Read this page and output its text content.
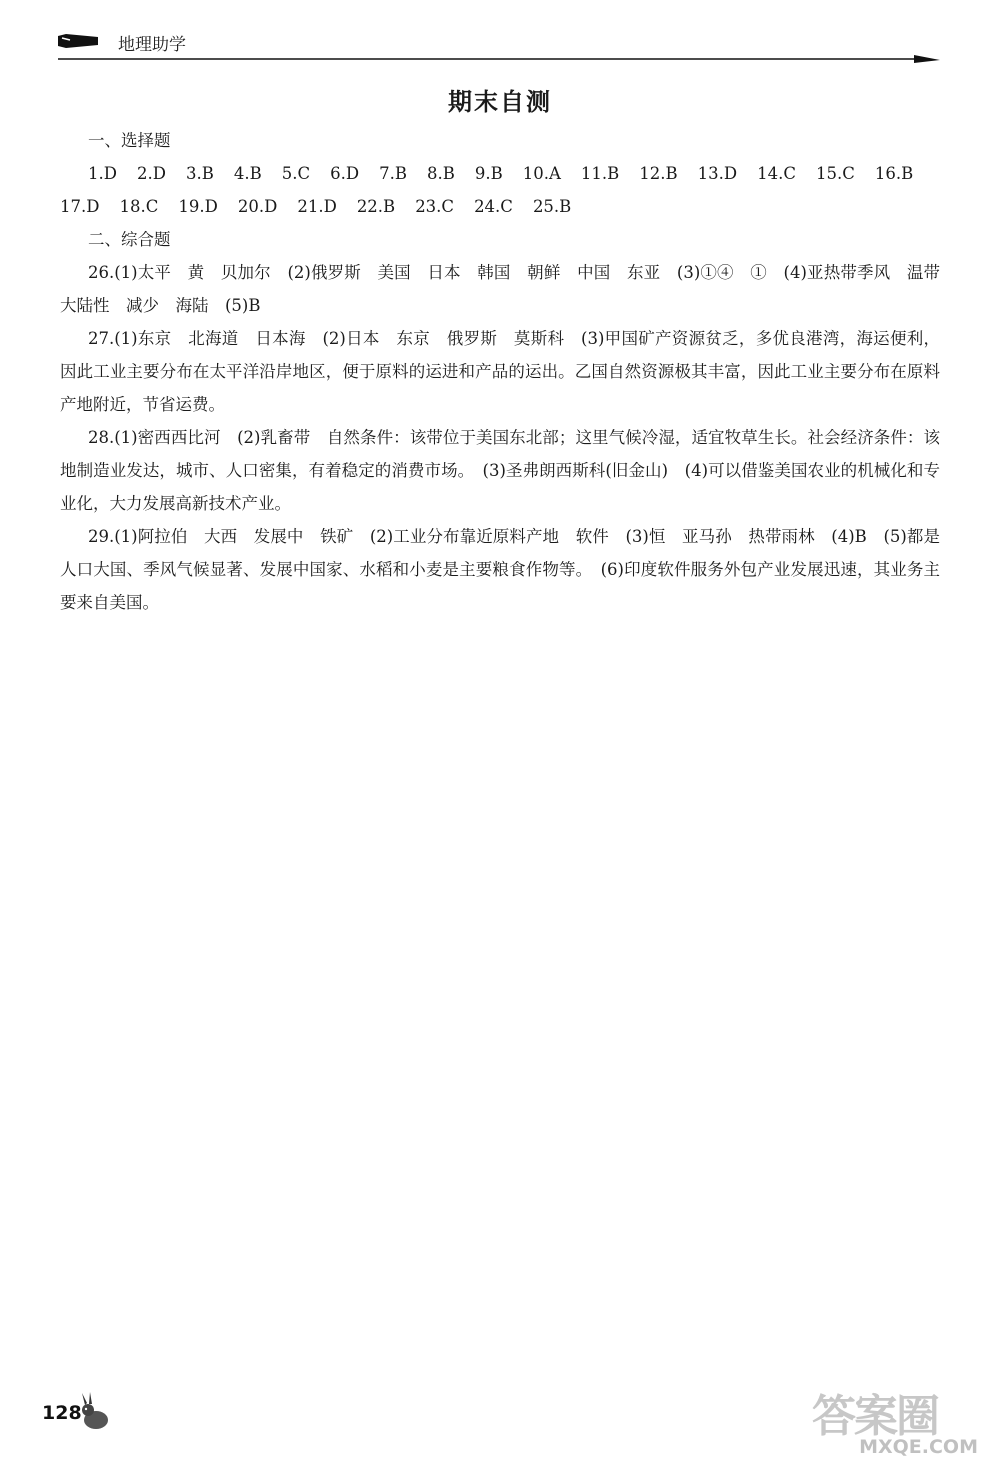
地理助学
期末自测
一、选择题
1.D 2.D 3.B 4.B 5.C 6.D 7.B 8.B 9.B 10.A 11.B 12.B 13.D 14.C 15.C 16.B
17.D 18.C 19.D 20.D 21.D 22.B 23.C 24.C 25.B
二、综合题
26.(1)太平　黄　贝加尔　(2)俄罗斯　美国　日本　韩国　朝鲜　中国　东亚　(3)①④　①　(4)亚热带季风　温带大陆性　减少　海陆　(5)B
27.(1)东京　北海道　日本海　(2)日本　东京　俄罗斯　莫斯科　(3)甲国矿产资源贫乏，多优良港湾，海运便利，因此工业主要分布在太平洋沿岸地区，便于原料的运进和产品的运出。乙国自然资源极其丰富，因此工业主要分布在原料产地附近，节省运费。
28.(1)密西西比河　(2)乳畜带　自然条件：该带位于美国东北部；这里气候冷湿，适宜牧草生长。社会经济条件：该地制造业发达，城市、人口密集，有着稳定的消费市场。　(3)圣弗朗西斯科(旧金山)　(4)可以借鉴美国农业的机械化和专业化，大力发展高新技术产业。
29.(1)阿拉伯　大西　发展中　铁矿　(2)工业分布靠近原料产地　软件　(3)恒　亚马孙　热带雨林　(4)B　(5)都是人口大国、季风气候显著、发展中国家、水稻和小麦是主要粮食作物等。　(6)印度软件服务外包产业发展迅速，其业务主要来自美国。
128	答案圈
MXQE.COM
